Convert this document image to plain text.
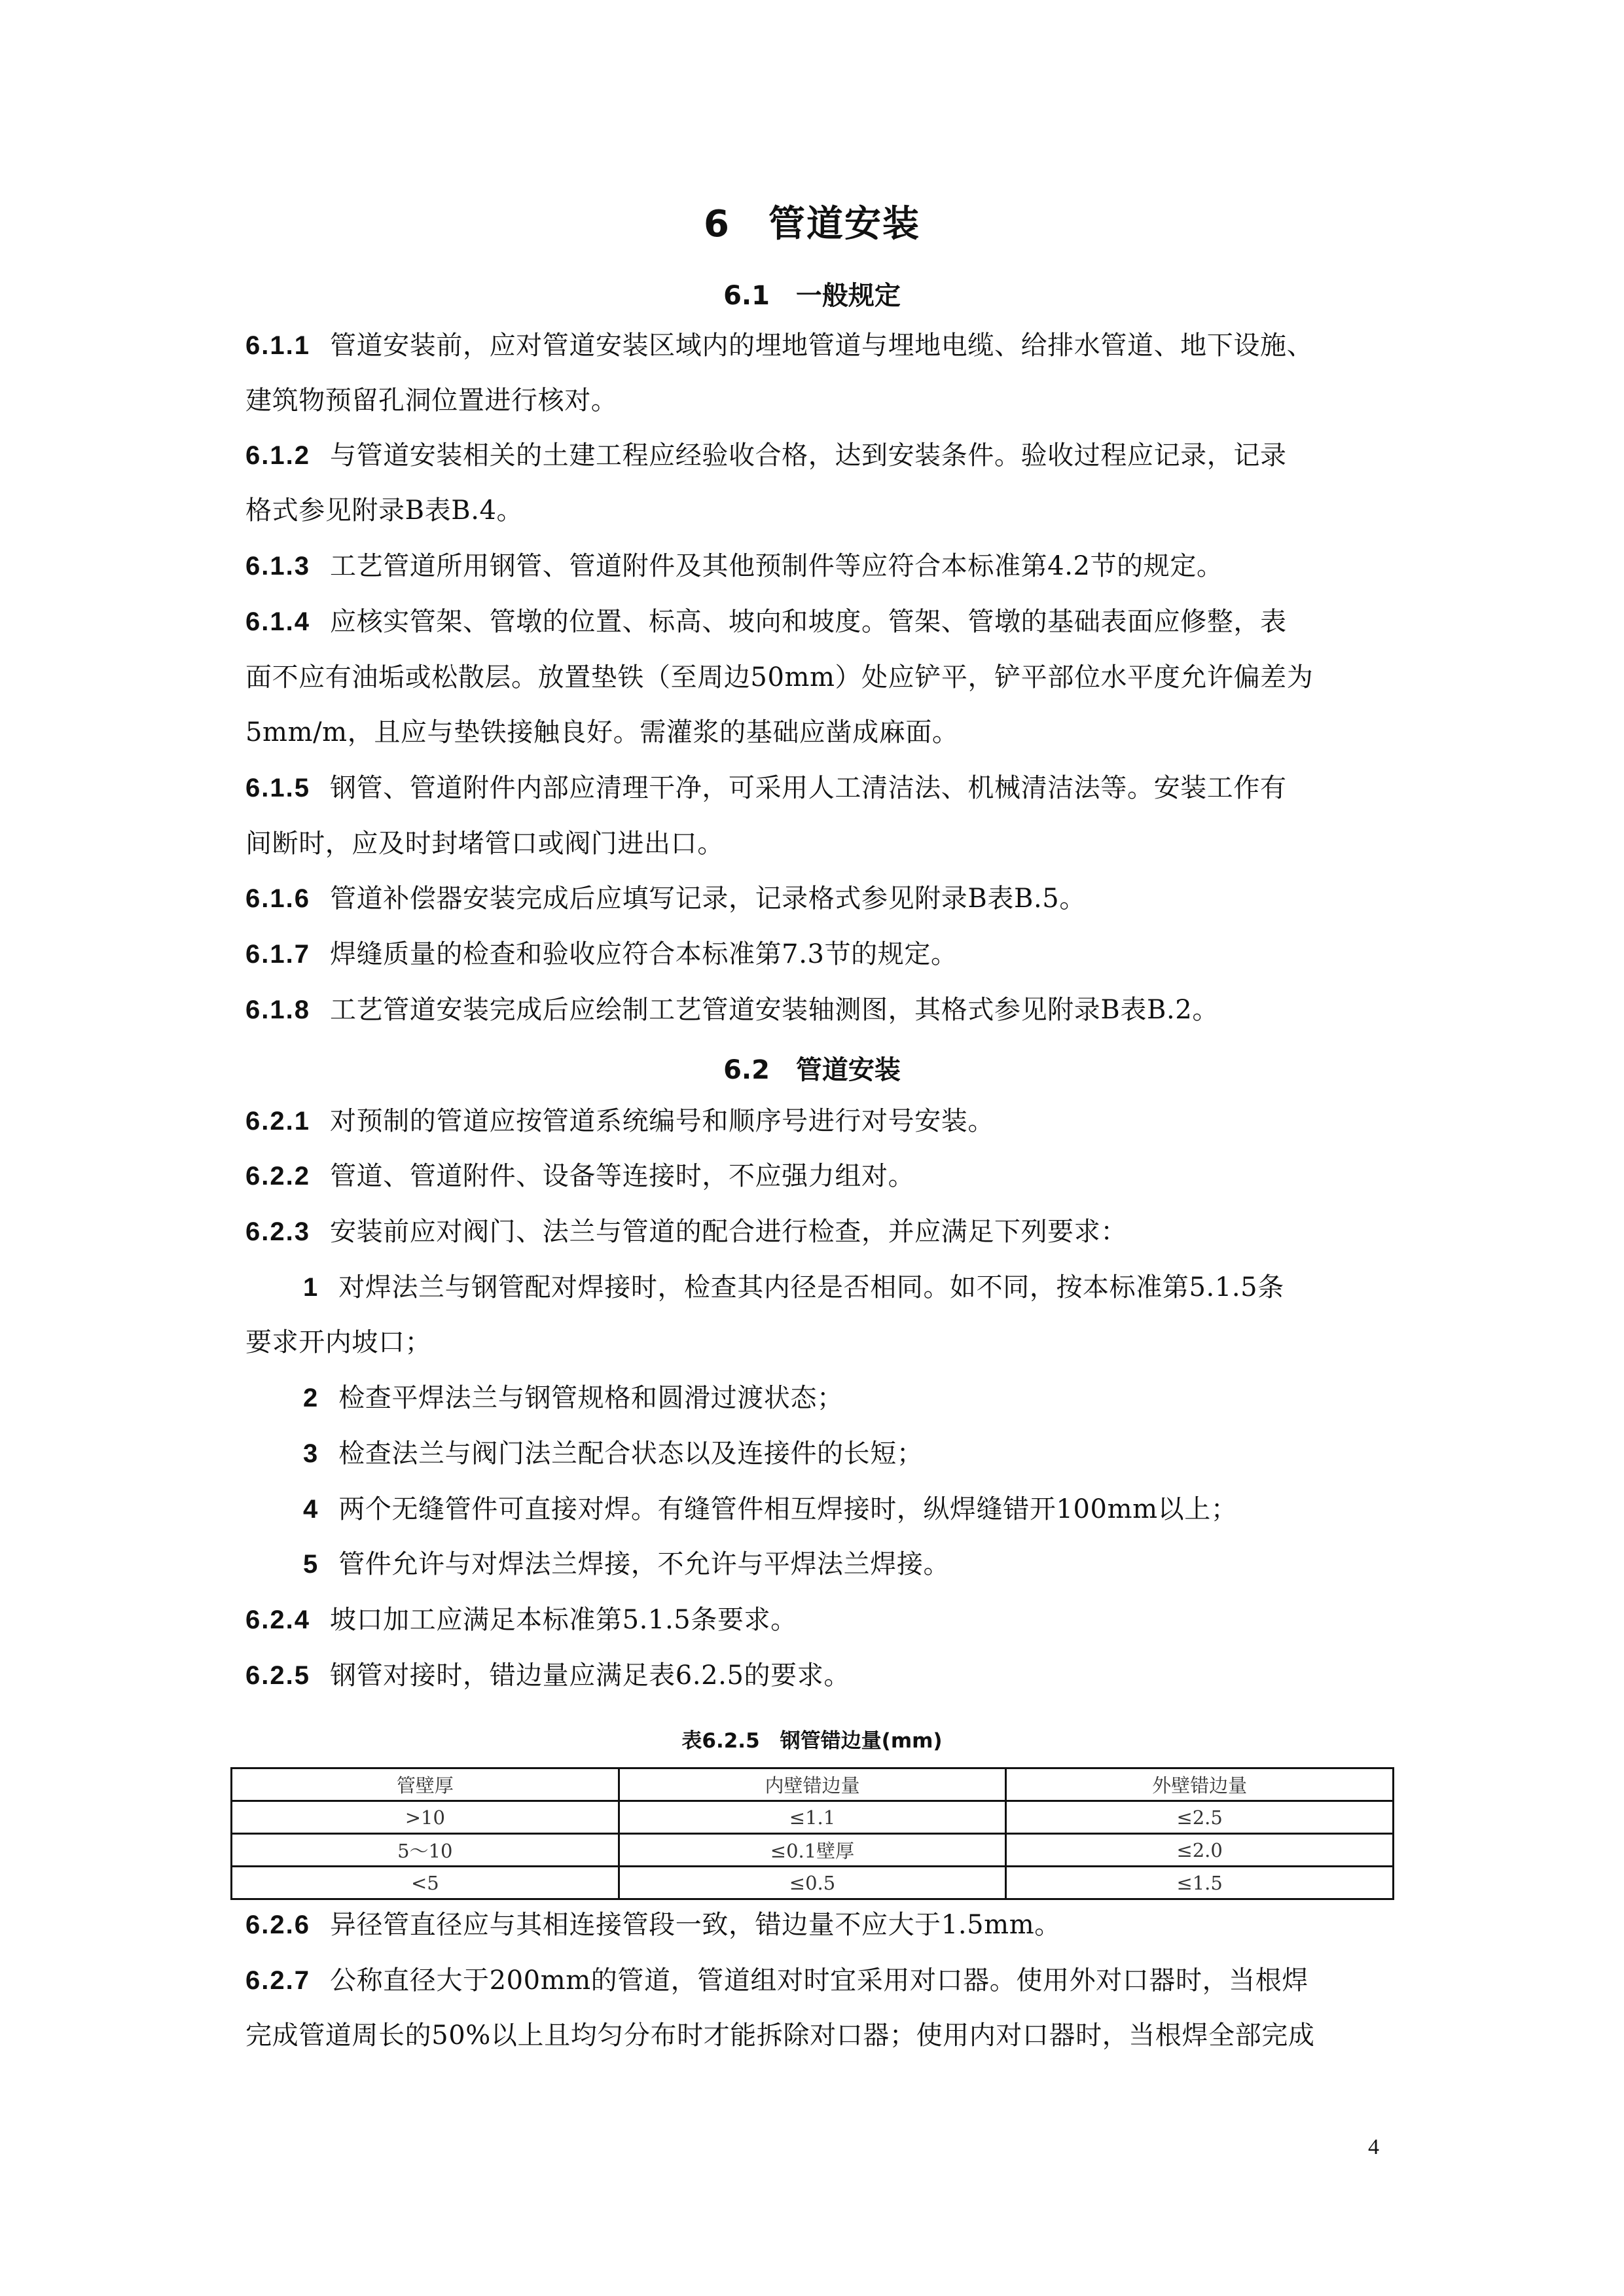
6　管道安装
6.1　一般规定
6.1.1 管道安装前，应对管道安装区域内的埋地管道与埋地电缆、给排水管道、地下设施、
建筑物预留孔洞位置进行核对。
6.1.2 与管道安装相关的土建工程应经验收合格，达到安装条件。验收过程应记录，记录
格式参见附录B表B.4。
6.1.3 工艺管道所用钢管、管道附件及其他预制件等应符合本标准第4.2节的规定。
6.1.4 应核实管架、管墩的位置、标高、坡向和坡度。管架、管墩的基础表面应修整，表
面不应有油垢或松散层。放置垫铁（至周边50mm）处应铲平，铲平部位水平度允许偏差为
5mm/m，且应与垫铁接触良好。需灌浆的基础应凿成麻面。
6.1.5 钢管、管道附件内部应清理干净，可采用人工清洁法、机械清洁法等。安装工作有
间断时，应及时封堵管口或阀门进出口。
6.1.6 管道补偿器安装完成后应填写记录，记录格式参见附录B表B.5。
6.1.7 焊缝质量的检查和验收应符合本标准第7.3节的规定。
6.1.8 工艺管道安装完成后应绘制工艺管道安装轴测图，其格式参见附录B表B.2。
6.2　管道安装
6.2.1 对预制的管道应按管道系统编号和顺序号进行对号安装。
6.2.2 管道、管道附件、设备等连接时，不应强力组对。
6.2.3 安装前应对阀门、法兰与管道的配合进行检查，并应满足下列要求：
1 对焊法兰与钢管配对焊接时，检查其内径是否相同。如不同，按本标准第5.1.5条
要求开内坡口；
2 检查平焊法兰与钢管规格和圆滑过渡状态；
3 检查法兰与阀门法兰配合状态以及连接件的长短；
4 两个无缝管件可直接对焊。有缝管件相互焊接时，纵焊缝错开100mm以上；
5 管件允许与对焊法兰焊接，不允许与平焊法兰焊接。
6.2.4 坡口加工应满足本标准第5.1.5条要求。
6.2.5 钢管对接时，错边量应满足表6.2.5的要求。
表6.2.5　钢管错边量(mm)
管壁厚	内壁错边量	外壁错边量
>10	≤1.1	≤2.5
5～10	≤0.1壁厚	≤2.0
<5	≤0.5	≤1.5
6.2.6 异径管直径应与其相连接管段一致，错边量不应大于1.5mm。
6.2.7 公称直径大于200mm的管道，管道组对时宜采用对口器。使用外对口器时，当根焊
完成管道周长的50%以上且均匀分布时才能拆除对口器；使用内对口器时，当根焊全部完成
4
